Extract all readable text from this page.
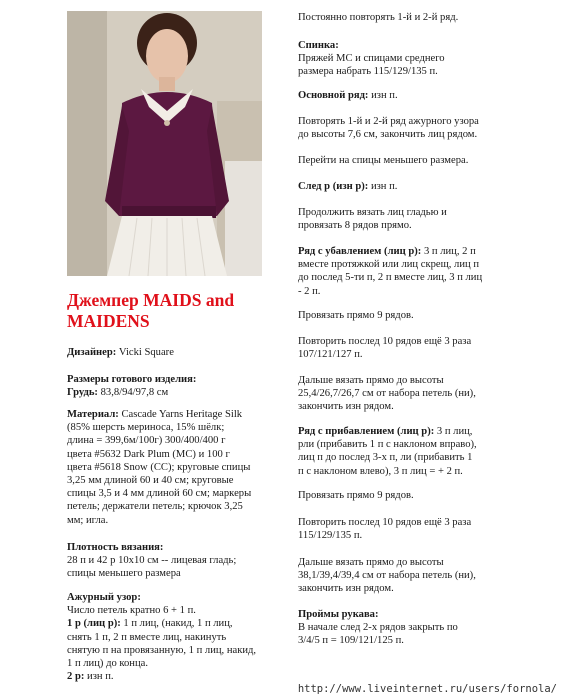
Джемпер MAIDS and
MAIDENS
Дизайнер: Vicki Square
Размеры готового изделия:
Грудь: 83,8/94/97,8 см
Материал: Cascade Yarns Heritage Silk
(85% шерсть мериноса, 15% шёлк;
длина = 399,6м/100г) 300/400/400 г
цвета #5632 Dark Plum (MC) и 100 г
цвета #5618 Snow (CC); круговые спицы
3,25 мм длиной 60 и 40 см; круговые
спицы 3,5 и 4 мм длиной 60 см; маркеры
петель; держатели петель; крючок 3,25
мм; игла.
Плотность вязания:
28 п и 42 р 10х10 см -- лицевая гладь;
спицы меньшего размера
Ажурный узор:
Число петель кратно 6 + 1 п.
1 р (лиц р): 1 п лиц, (накид, 1 п лиц,
снять 1 п, 2 п вместе лиц, накинуть
снятую п на провязанную, 1 п лиц, накид,
1 п лиц) до конца.
2 р: изн п.
Постоянно повторять 1-й и 2-й ряд.
Спинка:
Пряжей МС и спицами среднего
размера набрать 115/129/135 п.
Основной ряд: изн п.
Повторять 1-й и 2-й ряд ажурного узора
до высоты 7,6 см, закончить лиц рядом.
Перейти на спицы меньшего размера.
След р (изн р): изн п.
Продолжить вязать лиц гладью и
провязать 8 рядов прямо.
Ряд с убавлением (лиц р): 3 п лиц, 2 п
вместе протяжкой или лиц скрещ, лиц п
до послед 5-ти п, 2 п вместе лиц, 3 п лиц
- 2 п.
Провязать прямо 9 рядов.
Повторить послед 10 рядов ещё 3 раза
107/121/127 п.
Дальше вязать прямо до высоты
25,4/26,7/26,7 см от набора петель (ни),
закончить изн рядом.
Ряд с прибавлением (лиц р): 3 п лиц,
рли (прибавить 1 п с наклоном вправо),
лиц п до послед 3-х п, ли (прибавить 1
п с наклоном влево), 3 п лиц = + 2 п.
Провязать прямо 9 рядов.
Повторить послед 10 рядов ещё 3 раза
115/129/135 п.
Дальше вязать прямо до высоты
38,1/39,4/39,4 см от набора петель (ни),
закончить изн рядом.
Проймы рукава:
В начале след 2-х рядов закрыть по
3/4/5 п = 109/121/125 п.
http://www.liveinternet.ru/users/fornola/
